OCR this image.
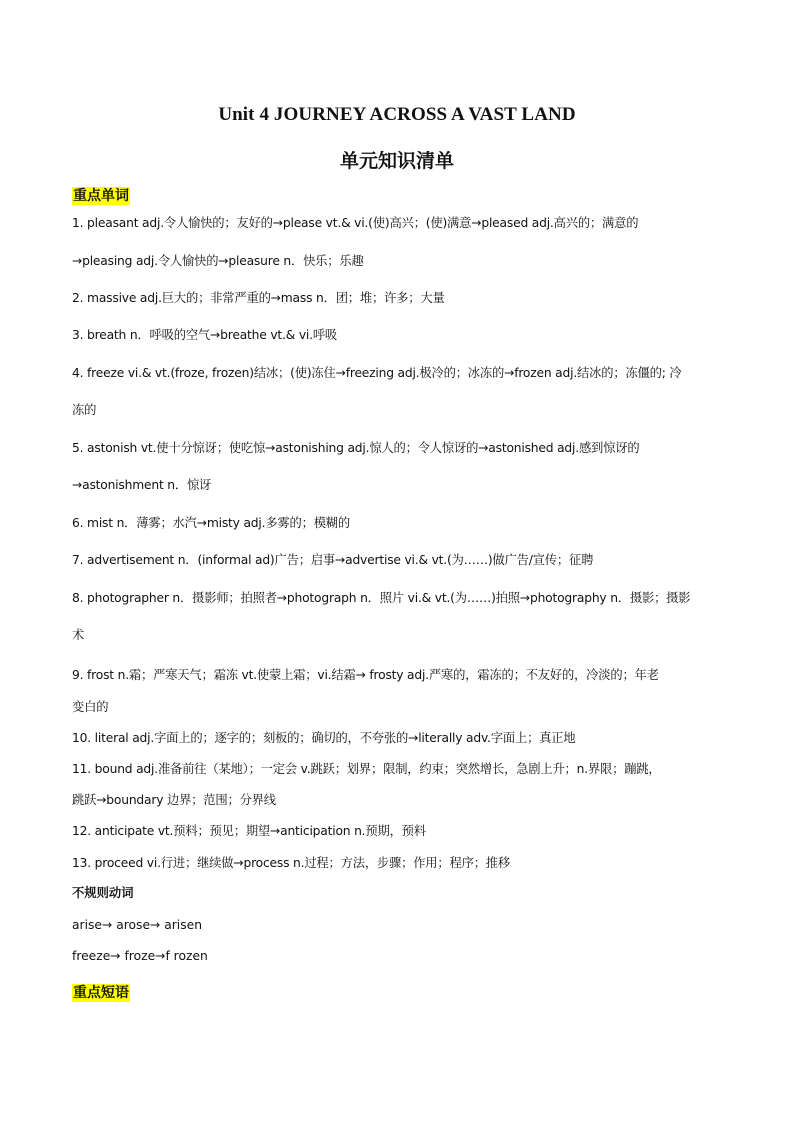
Unit 4 JOURNEY ACROSS A VAST LAND
单元知识清单
重点单词
1. pleasant adj.令人愉快的；友好的→please vt.& vi.(使)高兴；(使)满意→pleased adj.高兴的；满意的
→pleasing adj.令人愉快的→pleasure n．快乐；乐趣
2. massive adj.巨大的；非常严重的→mass n．团；堆；许多；大量
3. breath n．呼吸的空气→breathe vt.& vi.呼吸
4. freeze vi.& vt.(froze, frozen)结冰；(使)冻住→freezing adj.极冷的；冰冻的→frozen adj.结冰的；冻僵的; 冷
冻的
5. astonish vt.使十分惊讶；使吃惊→astonishing adj.惊人的；令人惊讶的→astonished adj.感到惊讶的
→astonishment n．惊讶
6. mist n．薄雾；水汽→misty adj.多雾的；模糊的
7. advertisement n．(informal ad)广告；启事→advertise vi.& vt.(为……)做广告/宣传；征聘
8. photographer n．摄影师；拍照者→photograph n．照片 vi.& vt.(为……)拍照→photography n．摄影；摄影
术
9. frost n.霜；严寒天气；霜冻 vt.使蒙上霜；vi.结霜→ frosty adj.严寒的，霜冻的；不友好的，冷淡的；年老
变白的
10. literal adj.字面上的；逐字的；刻板的；确切的，不夸张的→literally adv.字面上；真正地
11. bound adj.准备前往（某地）；一定会 v.跳跃；划界；限制，约束；突然增长，急剧上升；n.界限；蹦跳，
跳跃→boundary 边界；范围；分界线
12. anticipate vt.预料；预见；期望→anticipation n.预期，预料
13. proceed vi.行进；继续做→process n.过程；方法，步骤；作用；程序；推移
不规则动词
arise→ arose→ arisen
freeze→ froze→f rozen
重点短语
